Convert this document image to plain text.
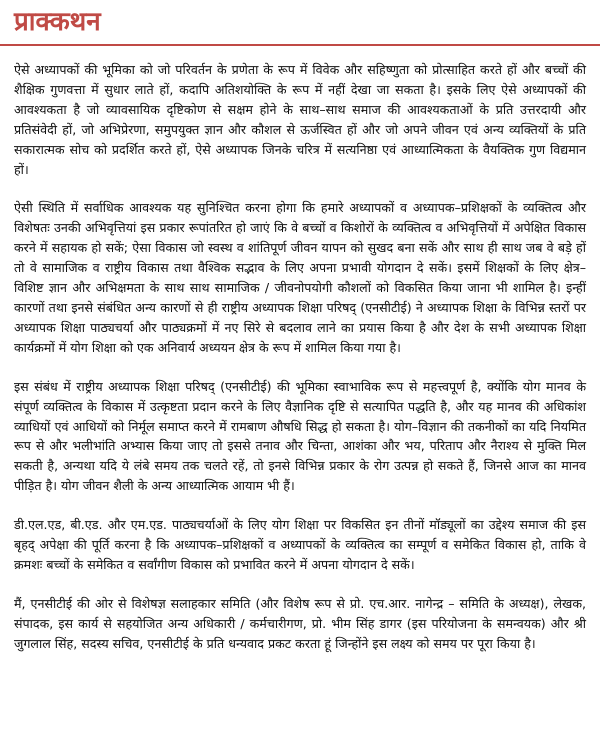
प्राक्कथन

ऐसे अध्यापकों की भूमिका को जो परिवर्तन के प्रणेता के रूप में विवेक और सहिष्णुता को प्रोत्साहित करते हों और बच्चों की शैक्षिक गुणवत्ता में सुधार लाते हों, कदापि अतिशयोक्ति के रूप में नहीं देखा जा सकता है। इसके लिए ऐसे अध्यापकों की आवश्यकता है जो व्यावसायिक दृष्टिकोण से सक्षम होने के साथ–साथ समाज की आवश्यकताओं के प्रति उत्तरदायी और प्रतिसंवेदी हों, जो अभिप्रेरणा, समुपयुक्त ज्ञान और कौशल से ऊर्जस्वित हों और जो अपने जीवन एवं अन्य व्यक्तियों के प्रति सकारात्मक सोच को प्रदर्शित करते हों, ऐसे अध्यापक जिनके चरित्र में सत्यनिष्ठा एवं आध्यात्मिकता के वैयक्तिक गुण विद्यमान हों।

ऐसी स्थिति में सर्वाधिक आवश्यक यह सुनिश्चित करना होगा कि हमारे अध्यापकों व अध्यापक–प्रशिक्षकों के व्यक्तित्व और विशेषतः उनकी अभिवृत्तियां इस प्रकार रूपांतरित हो जाएं कि वे बच्चों व किशोरों के व्यक्तित्व व अभिवृत्तियों में अपेक्षित विकास करने में सहायक हो सकें; ऐसा विकास जो स्वस्थ व शांतिपूर्ण जीवन यापन को सुखद बना सकें और साथ ही साथ जब वे बड़े हों तो वे सामाजिक व राष्ट्रीय विकास तथा वैश्विक सद्भाव के लिए अपना प्रभावी योगदान दे सकें। इसमें शिक्षकों के लिए क्षेत्र–विशिष्ट ज्ञान और अभिक्षमता के साथ साथ सामाजिक / जीवनोपयोगी कौशलों को विकसित किया जाना भी शामिल है। इन्हीं कारणों तथा इनसे संबंधित अन्य कारणों से ही राष्ट्रीय अध्यापक शिक्षा परिषद् (एनसीटीई) ने अध्यापक शिक्षा के विभिन्न स्तरों पर अध्यापक शिक्षा पाठ्यचर्या और पाठ्यक्रमों में नए सिरे से बदलाव लाने का प्रयास किया है और देश के सभी अध्यापक शिक्षा कार्यक्रमों में योग शिक्षा को एक अनिवार्य अध्ययन क्षेत्र के रूप में शामिल किया गया है।

इस संबंध में राष्ट्रीय अध्यापक शिक्षा परिषद् (एनसीटीई) की भूमिका स्वाभाविक रूप से महत्त्वपूर्ण है, क्योंकि योग मानव के संपूर्ण व्यक्तित्व के विकास में उत्कृष्टता प्रदान करने के लिए वैज्ञानिक दृष्टि से सत्यापित पद्धति है, और यह मानव की अधिकांश व्याधियों एवं आधियों को निर्मूल समाप्त करने में रामबाण औषधि सिद्ध हो सकता है। योग–विज्ञान की तकनीकों का यदि नियमित रूप से और भलीभांति अभ्यास किया जाए तो इससे तनाव और चिन्ता, आशंका और भय, परिताप और नैराश्य से मुक्ति मिल सकती है, अन्यथा यदि ये लंबे समय तक चलते रहें, तो इनसे विभिन्न प्रकार के रोग उत्पन्न हो सकते हैं, जिनसे आज का मानव पीड़ित है। योग जीवन शैली के अन्य आध्यात्मिक आयाम भी हैं।

डी.एल.एड, बी.एड. और एम.एड. पाठ्यचर्याओं के लिए योग शिक्षा पर विकसित इन तीनों मॉड्यूलों का उद्देश्य समाज की इस बृहद् अपेक्षा की पूर्ति करना है कि अध्यापक–प्रशिक्षकों व अध्यापकों के व्यक्तित्व का सम्पूर्ण व समेकित विकास हो, ताकि वे क्रमशः बच्चों के समेकित व सर्वांगीण विकास को प्रभावित करने में अपना योगदान दे सकें।

मैं, एनसीटीई की ओर से विशेषज्ञ सलाहकार समिति (और विशेष रूप से प्रो. एच.आर. नागेन्द्र – समिति के अध्यक्ष), लेखक, संपादक, इस कार्य से सहयोजित अन्य अधिकारी / कर्मचारीगण, प्रो. भीम सिंह डागर (इस परियोजना के समन्वयक) और श्री जुगलाल सिंह, सदस्य सचिव, एनसीटीई के प्रति धन्यवाद प्रकट करता हूं जिन्होंने इस लक्ष्य को समय पर पूरा किया है।
